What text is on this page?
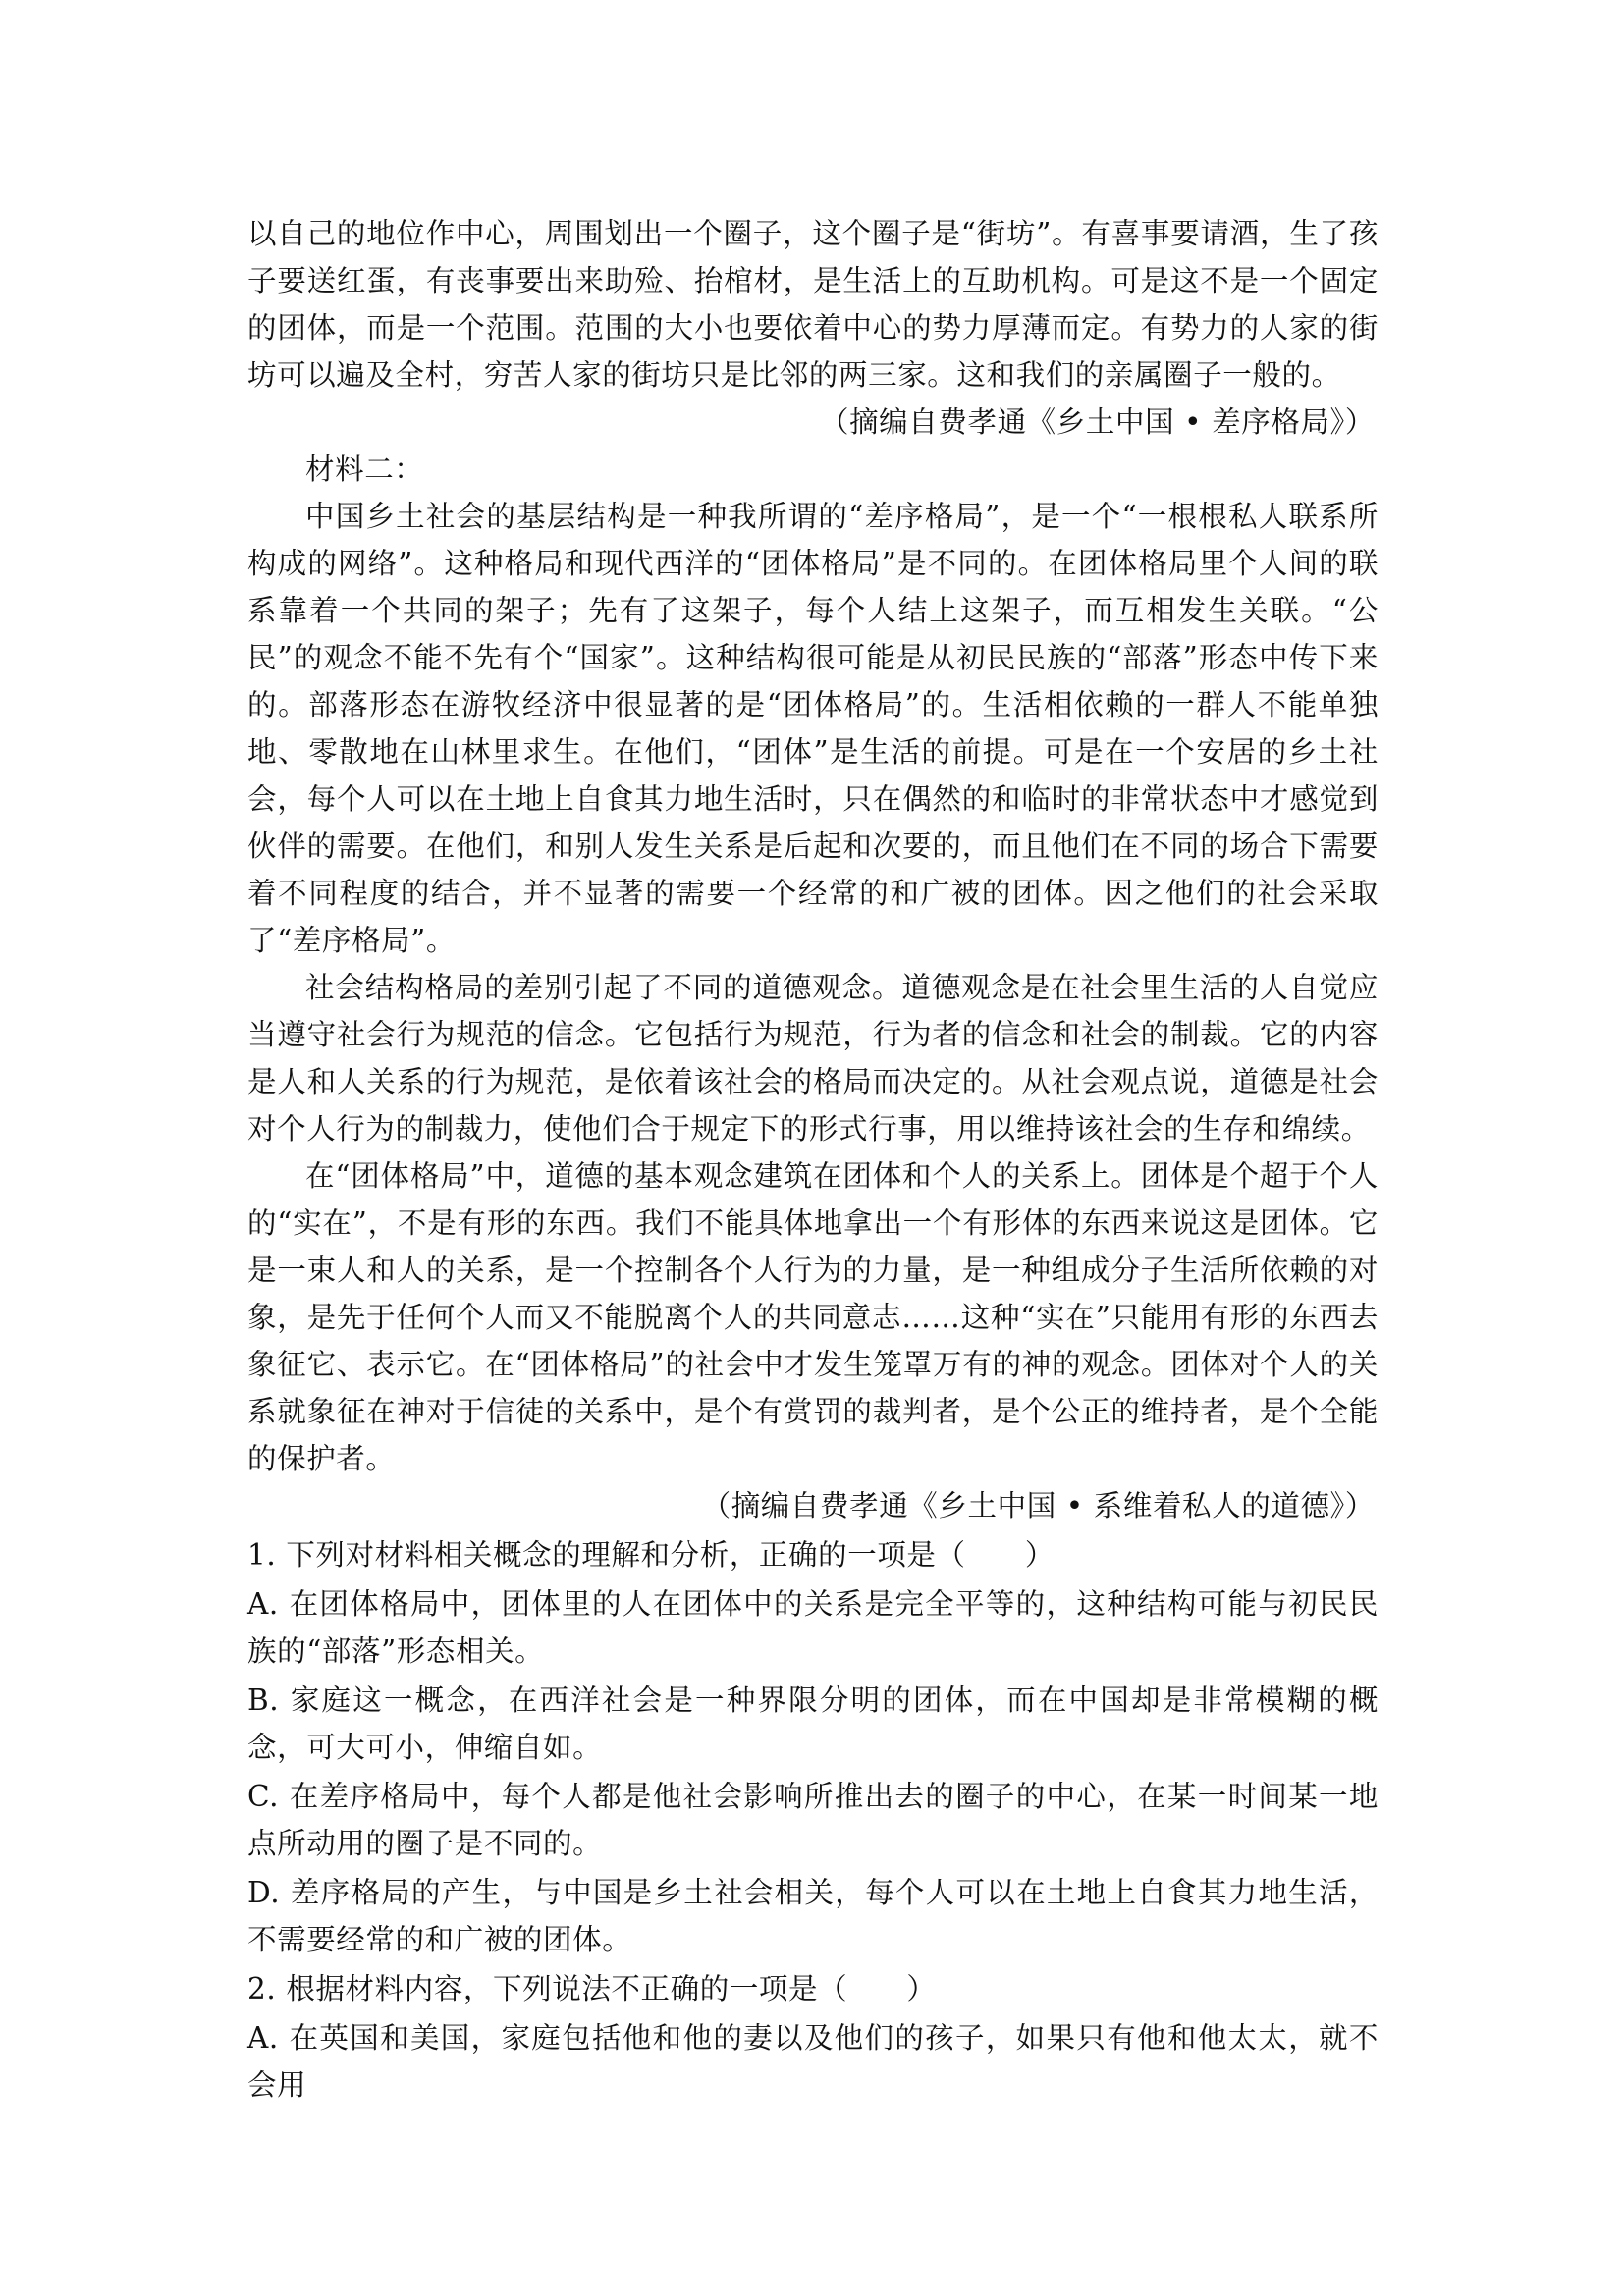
以自己的地位作中心，周围划出一个圈子，这个圈子是“街坊”。有喜事要请酒，生了孩子要送红蛋，有丧事要出来助殓、抬棺材，是生活上的互助机构。可是这不是一个固定的团体，而是一个范围。范围的大小也要依着中心的势力厚薄而定。有势力的人家的街坊可以遍及全村，穷苦人家的街坊只是比邻的两三家。这和我们的亲属圈子一般的。

（摘编自费孝通《乡土中国 • 差序格局》）

材料二：

中国乡土社会的基层结构是一种我所谓的“差序格局”，是一个“一根根私人联系所构成的网络”。这种格局和现代西洋的“团体格局”是不同的。在团体格局里个人间的联系靠着一个共同的架子；先有了这架子，每个人结上这架子，而互相发生关联。“公民”的观念不能不先有个“国家”。这种结构很可能是从初民民族的“部落”形态中传下来的。部落形态在游牧经济中很显著的是“团体格局”的。生活相依赖的一群人不能单独地、零散地在山林里求生。在他们，“团体”是生活的前提。可是在一个安居的乡土社会，每个人可以在土地上自食其力地生活时，只在偶然的和临时的非常状态中才感觉到伙伴的需要。在他们，和别人发生关系是后起和次要的，而且他们在不同的场合下需要着不同程度的结合，并不显著的需要一个经常的和广被的团体。因之他们的社会采取了“差序格局”。

社会结构格局的差别引起了不同的道德观念。道德观念是在社会里生活的人自觉应当遵守社会行为规范的信念。它包括行为规范，行为者的信念和社会的制裁。它的内容是人和人关系的行为规范，是依着该社会的格局而决定的。从社会观点说，道德是社会对个人行为的制裁力，使他们合于规定下的形式行事，用以维持该社会的生存和绵续。

在“团体格局”中，道德的基本观念建筑在团体和个人的关系上。团体是个超于个人的“实在”，不是有形的东西。我们不能具体地拿出一个有形体的东西来说这是团体。它是一束人和人的关系，是一个控制各个人行为的力量，是一种组成分子生活所依赖的对象，是先于任何个人而又不能脱离个人的共同意志……这种“实在”只能用有形的东西去象征它、表示它。在“团体格局”的社会中才发生笼罩万有的神的观念。团体对个人的关系就象征在神对于信徒的关系中，是个有赏罚的裁判者，是个公正的维持者，是个全能的保护者。

（摘编自费孝通《乡土中国 • 系维着私人的道德》）

1. 下列对材料相关概念的理解和分析，正确的一项是（　　）

A. 在团体格局中，团体里的人在团体中的关系是完全平等的，这种结构可能与初民民族的“部落”形态相关。

B. 家庭这一概念，在西洋社会是一种界限分明的团体，而在中国却是非常模糊的概念，可大可小，伸缩自如。

C. 在差序格局中，每个人都是他社会影响所推出去的圈子的中心，在某一时间某一地点所动用的圈子是不同的。

D. 差序格局的产生，与中国是乡土社会相关，每个人可以在土地上自食其力地生活，不需要经常的和广被的团体。

2. 根据材料内容，下列说法不正确的一项是（　　）

A. 在英国和美国，家庭包括他和他的妻以及他们的孩子，如果只有他和他太太，就不会用
